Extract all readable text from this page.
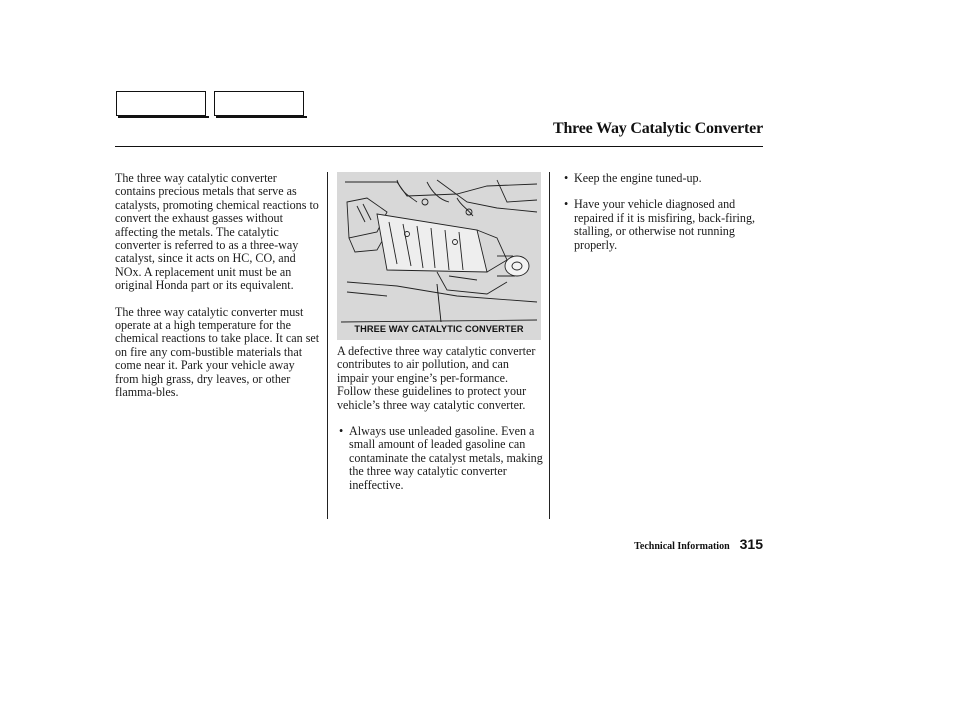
Three Way Catalytic Converter

The three way catalytic converter contains precious metals that serve as catalysts, promoting chemical reactions to convert the exhaust gasses without affecting the metals. The catalytic converter is referred to as a three-way catalyst, since it acts on HC, CO, and NOx. A replacement unit must be an original Honda part or its equivalent.

The three way catalytic converter must operate at a high temperature for the chemical reactions to take place. It can set on fire any com-bustible materials that come near it. Park your vehicle away from high grass, dry leaves, or other flamma-bles.

THREE WAY CATALYTIC CONVERTER

A defective three way catalytic converter contributes to air pollution, and can impair your engine’s per-formance. Follow these guidelines to protect your vehicle’s three way catalytic converter.

• Always use unleaded gasoline. Even a small amount of leaded gasoline can contaminate the catalyst metals, making the three way catalytic converter ineffective.
• Keep the engine tuned-up.
• Have your vehicle diagnosed and repaired if it is misfiring, back-firing, stalling, or otherwise not running properly.
Technical Information 315
